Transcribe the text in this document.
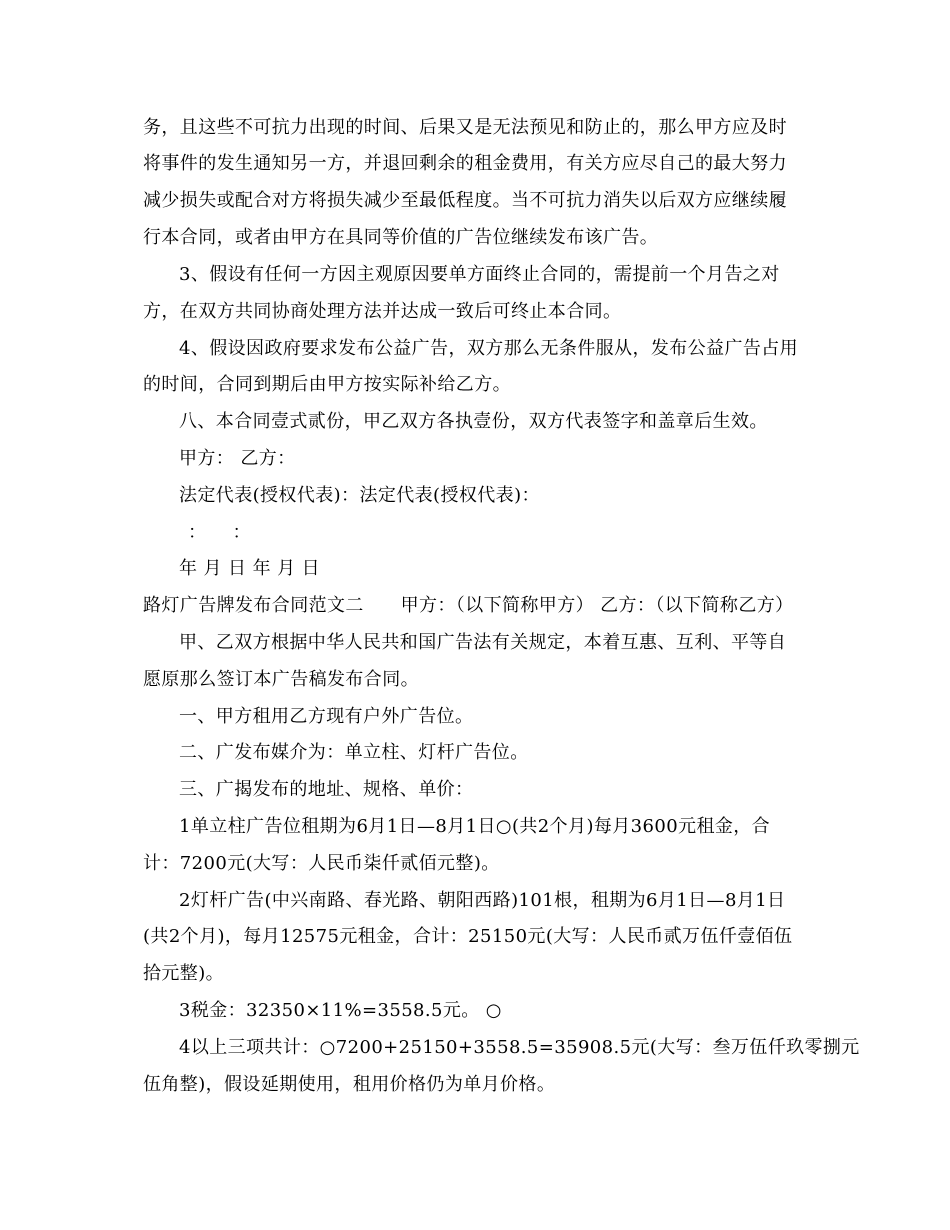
务，且这些不可抗力出现的时间、后果又是无法预见和防止的，那么甲方应及时
将事件的发生通知另一方，并退回剩余的租金费用，有关方应尽自己的最大努力
减少损失或配合对方将损失减少至最低程度。当不可抗力消失以后双方应继续履
行本合同，或者由甲方在具同等价值的广告位继续发布该广告。
3、假设有任何一方因主观原因要单方面终止合同的，需提前一个月告之对
方，在双方共同协商处理方法并达成一致后可终止本合同。
4、假设因政府要求发布公益广告，双方那么无条件服从，发布公益广告占用
的时间，合同到期后由甲方按实际补给乙方。
八、本合同壹式贰份，甲乙双方各执壹份，双方代表签字和盖章后生效。
甲方： 乙方：
法定代表(授权代表)：法定代表(授权代表)：
： ：
年 月 日 年 月 日
路灯广告牌发布合同范文二　　甲方：（以下简称甲方） 乙方：（以下简称乙方）
甲、乙双方根据中华人民共和国广告法有关规定，本着互惠、互利、平等自
愿原那么签订本广告稿发布合同。
一、甲方租用乙方现有户外广告位。
二、广发布媒介为：单立柱、灯杆广告位。
三、广揭发布的地址、规格、单价：
1单立柱广告位租期为6月1日—8月1日○(共2个月)每月3600元租金，合
计：7200元(大写：人民币柒仟贰佰元整)。
2灯杆广告(中兴南路、春光路、朝阳西路)101根，租期为6月1日—8月1日
(共2个月)，每月12575元租金，合计：25150元(大写：人民币贰万伍仟壹佰伍
拾元整)。
3税金：32350×11%=3558.5元。 ○
4以上三项共计：○7200+25150+3558.5=35908.5元(大写：叁万伍仟玖零捌元
伍角整)，假设延期使用，租用价格仍为单月价格。
